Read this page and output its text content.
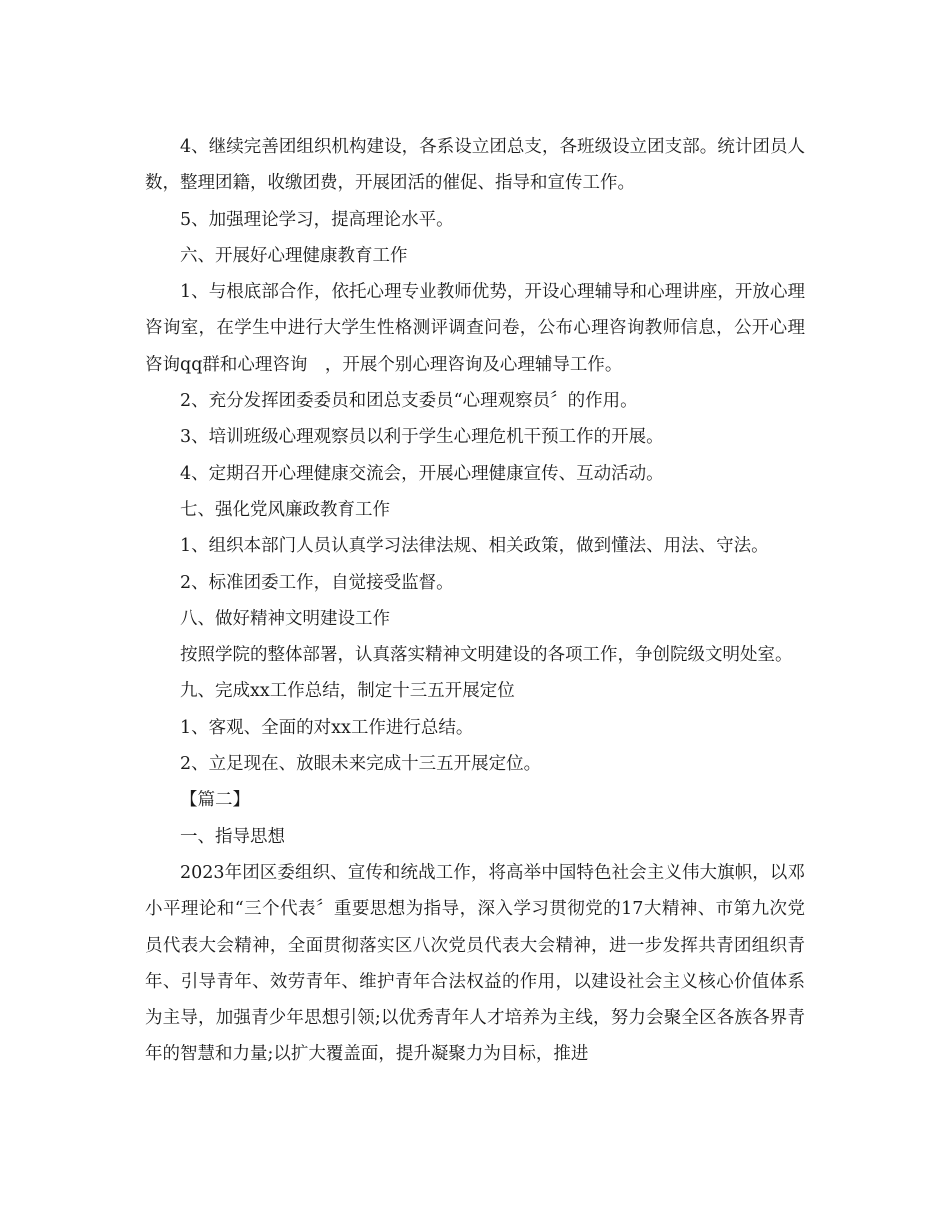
4、继续完善团组织机构建设，各系设立团总支，各班级设立团支部。统计团员人数，整理团籍，收缴团费，开展团活的催促、指导和宣传工作。

5、加强理论学习，提高理论水平。

六、开展好心理健康教育工作

1、与根底部合作，依托心理专业教师优势，开设心理辅导和心理讲座，开放心理咨询室，在学生中进行大学生性格测评调查问卷，公布心理咨询教师信息，公开心理咨询qq群和心理咨询　，开展个别心理咨询及心理辅导工作。

2、充分发挥团委委员和团总支委员“心理观察员〞的作用。

3、培训班级心理观察员以利于学生心理危机干预工作的开展。

4、定期召开心理健康交流会，开展心理健康宣传、互动活动。

七、强化党风廉政教育工作

1、组织本部门人员认真学习法律法规、相关政策，做到懂法、用法、守法。

2、标准团委工作，自觉接受监督。

八、做好精神文明建设工作

按照学院的整体部署，认真落实精神文明建设的各项工作，争创院级文明处室。

九、完成xx工作总结，制定十三五开展定位

1、客观、全面的对xx工作进行总结。

2、立足现在、放眼未来完成十三五开展定位。

【篇二】

一、指导思想

2023年团区委组织、宣传和统战工作，将高举中国特色社会主义伟大旗帜，以邓小平理论和“三个代表〞重要思想为指导，深入学习贯彻党的17大精神、市第九次党员代表大会精神，全面贯彻落实区八次党员代表大会精神，进一步发挥共青团组织青年、引导青年、效劳青年、维护青年合法权益的作用，以建设社会主义核心价值体系为主导，加强青少年思想引领;以优秀青年人才培养为主线，努力会聚全区各族各界青年的智慧和力量;以扩大覆盖面，提升凝聚力为目标，推进
